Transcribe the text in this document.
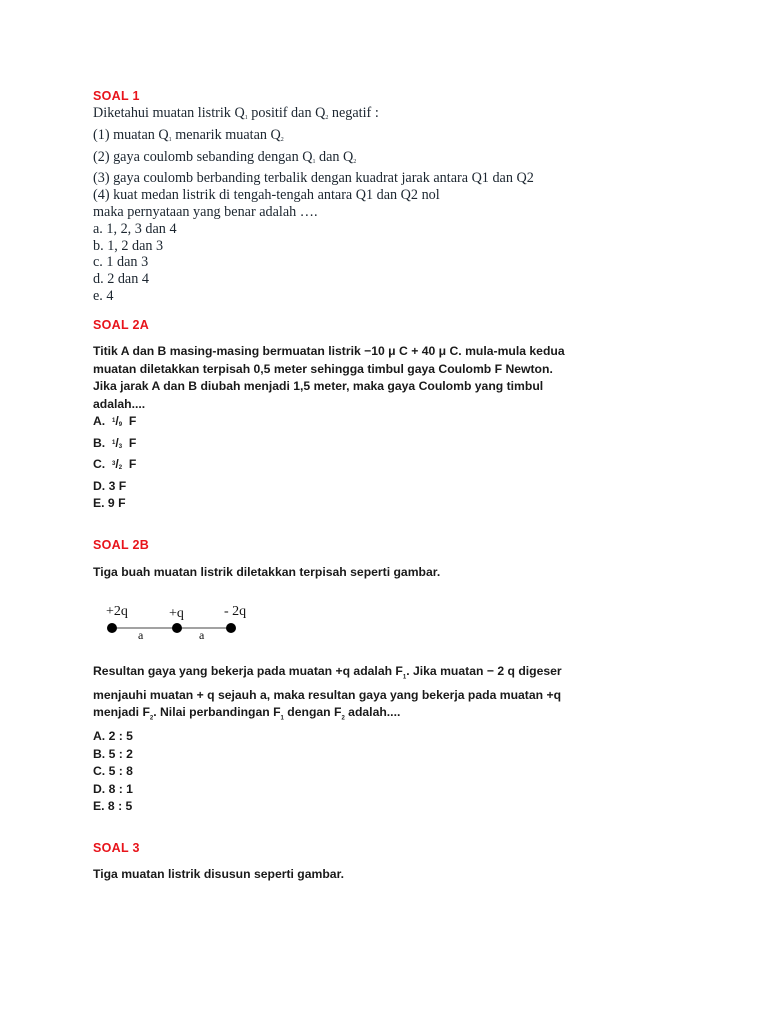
SOAL 1
Diketahui muatan listrik $Q_1$ positif dan $Q_2$ negatif :
(1) muatan $Q_1$ menarik muatan $Q_2$
(2) gaya coulomb sebanding dengan $Q_1$ dan $Q_2$
(3) gaya coulomb berbanding terbalik dengan kuadrat jarak antara Q1 dan Q2
(4) kuat medan listrik di tengah-tengah antara Q1 dan Q2 nol
maka pernyataan yang benar adalah ….
a. 1, 2, 3 dan 4
b. 1, 2 dan 3
c. 1 dan 3
d. 2 dan 4
e. 4
SOAL 2A
Titik A dan B masing-masing bermuatan listrik −10 μ C + 40 μ C. mula-mula kedua
muatan diletakkan terpisah 0,5 meter sehingga timbul gaya Coulomb F Newton.
Jika jarak A dan B diubah menjadi 1,5 meter, maka gaya Coulomb yang timbul
adalah....
A. $^1/_9$ F
B. $^1/_3$ F
C. $^3/_2$ F
D. 3 F
E. 9 F
SOAL 2B
Tiga buah muatan listrik diletakkan terpisah seperti gambar.
+2q	+q	- 2q
a	a
Resultan gaya yang bekerja pada muatan +q adalah $F_1$. Jika muatan − 2 q digeser
menjauhi muatan + q sejauh a, maka resultan gaya yang bekerja pada muatan +q
menjadi $F_2$. Nilai perbandingan $F_1$ dengan $F_2$ adalah....
A. 2 : 5
B. 5 : 2
C. 5 : 8
D. 8 : 1
E. 8 : 5
SOAL 3
Tiga muatan listrik disusun seperti gambar.
